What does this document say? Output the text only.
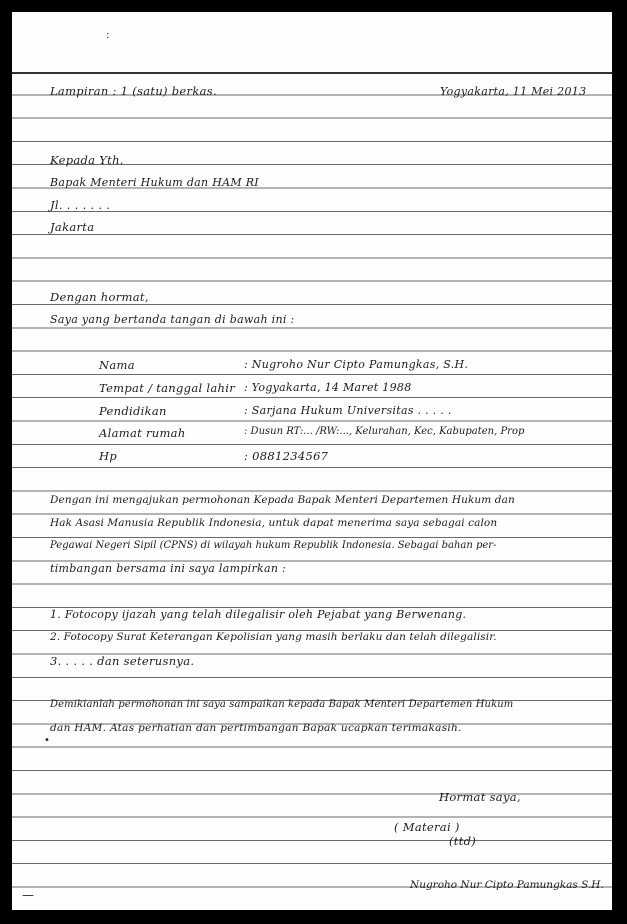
:
Lampiran : 1 (satu) berkas.	Yogyakarta, 11 Mei 2013
Kepada Yth.
Bapak Menteri Hukum dan HAM RI
Jl. . . . . . .
Jakarta
Dengan hormat,
Saya yang bertanda tangan di bawah ini :
Nama	: Nugroho Nur Cipto Pamungkas, S.H.
Tempat / tanggal lahir : Yogyakarta, 14 Maret 1988
Pendidikan	: Sarjana Hukum Universitas . . . . .
Alamat rumah	: Dusun RT:... /RW:..., Kelurahan, Kec, Kabupaten, Prop
Hp	: 0881234567
Dengan ini mengajukan permohonan Kepada Bapak Menteri Departemen Hukum dan
Hak Asasi Manusia Republik Indonesia, untuk dapat menerima saya sebagai calon
Pegawai Negeri Sipil (CPNS) di wilayah hukum Republik Indonesia. Sebagai bahan per-
timbangan bersama ini saya lampirkan :
1. Fotocopy ijazah yang telah dilegalisir oleh Pejabat yang Berwenang.
2. Fotocopy Surat Keterangan Kepolisian yang masih berlaku dan telah dilegalisir.
3. . . . . dan seterusnya.
Demikianlah permohonan ini saya sampaikan kepada Bapak Menteri Departemen Hukum
dan HAM. Atas perhatian dan pertimbangan Bapak ucapkan terimakasih.
•
Hormat saya,
( Materai )
(ttd)
Nugroho Nur Cipto Pamungkas S.H.
—
